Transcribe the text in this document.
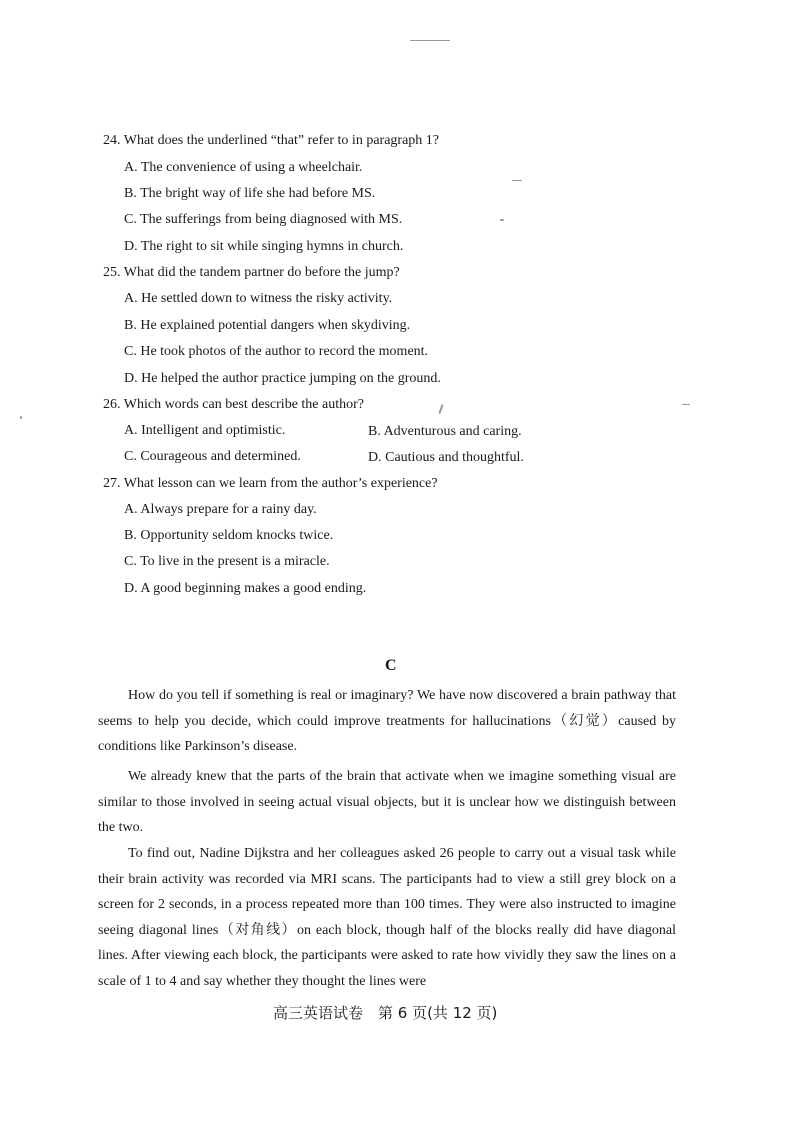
24. What does the underlined “that” refer to in paragraph 1?
A. The convenience of using a wheelchair.
B. The bright way of life she had before MS.
C. The sufferings from being diagnosed with MS.
D. The right to sit while singing hymns in church.
25. What did the tandem partner do before the jump?
A. He settled down to witness the risky activity.
B. He explained potential dangers when skydiving.
C. He took photos of the author to record the moment.
D. He helped the author practice jumping on the ground.
26. Which words can best describe the author?
A. Intelligent and optimistic.	B. Adventurous and caring.
C. Courageous and determined.	D. Cautious and thoughtful.
27. What lesson can we learn from the author’s experience?
A. Always prepare for a rainy day.
B. Opportunity seldom knocks twice.
C. To live in the present is a miracle.
D. A good beginning makes a good ending.
C

How do you tell if something is real or imaginary? We have now discovered a brain pathway that seems to help you decide, which could improve treatments for hallucinations（幻觉）caused by conditions like Parkinson’s disease.

We already knew that the parts of the brain that activate when we imagine something visual are similar to those involved in seeing actual visual objects, but it is unclear how we distinguish between the two.

To find out, Nadine Dijkstra and her colleagues asked 26 people to carry out a visual task while their brain activity was recorded via MRI scans. The participants had to view a still grey block on a screen for 2 seconds, in a process repeated more than 100 times. They were also instructed to imagine seeing diagonal lines（对角线）on each block, though half of the blocks really did have diagonal lines. After viewing each block, the participants were asked to rate how vividly they saw the lines on a scale of 1 to 4 and say whether they thought the lines were

高三英语试卷　第 6 页(共 12 页)
